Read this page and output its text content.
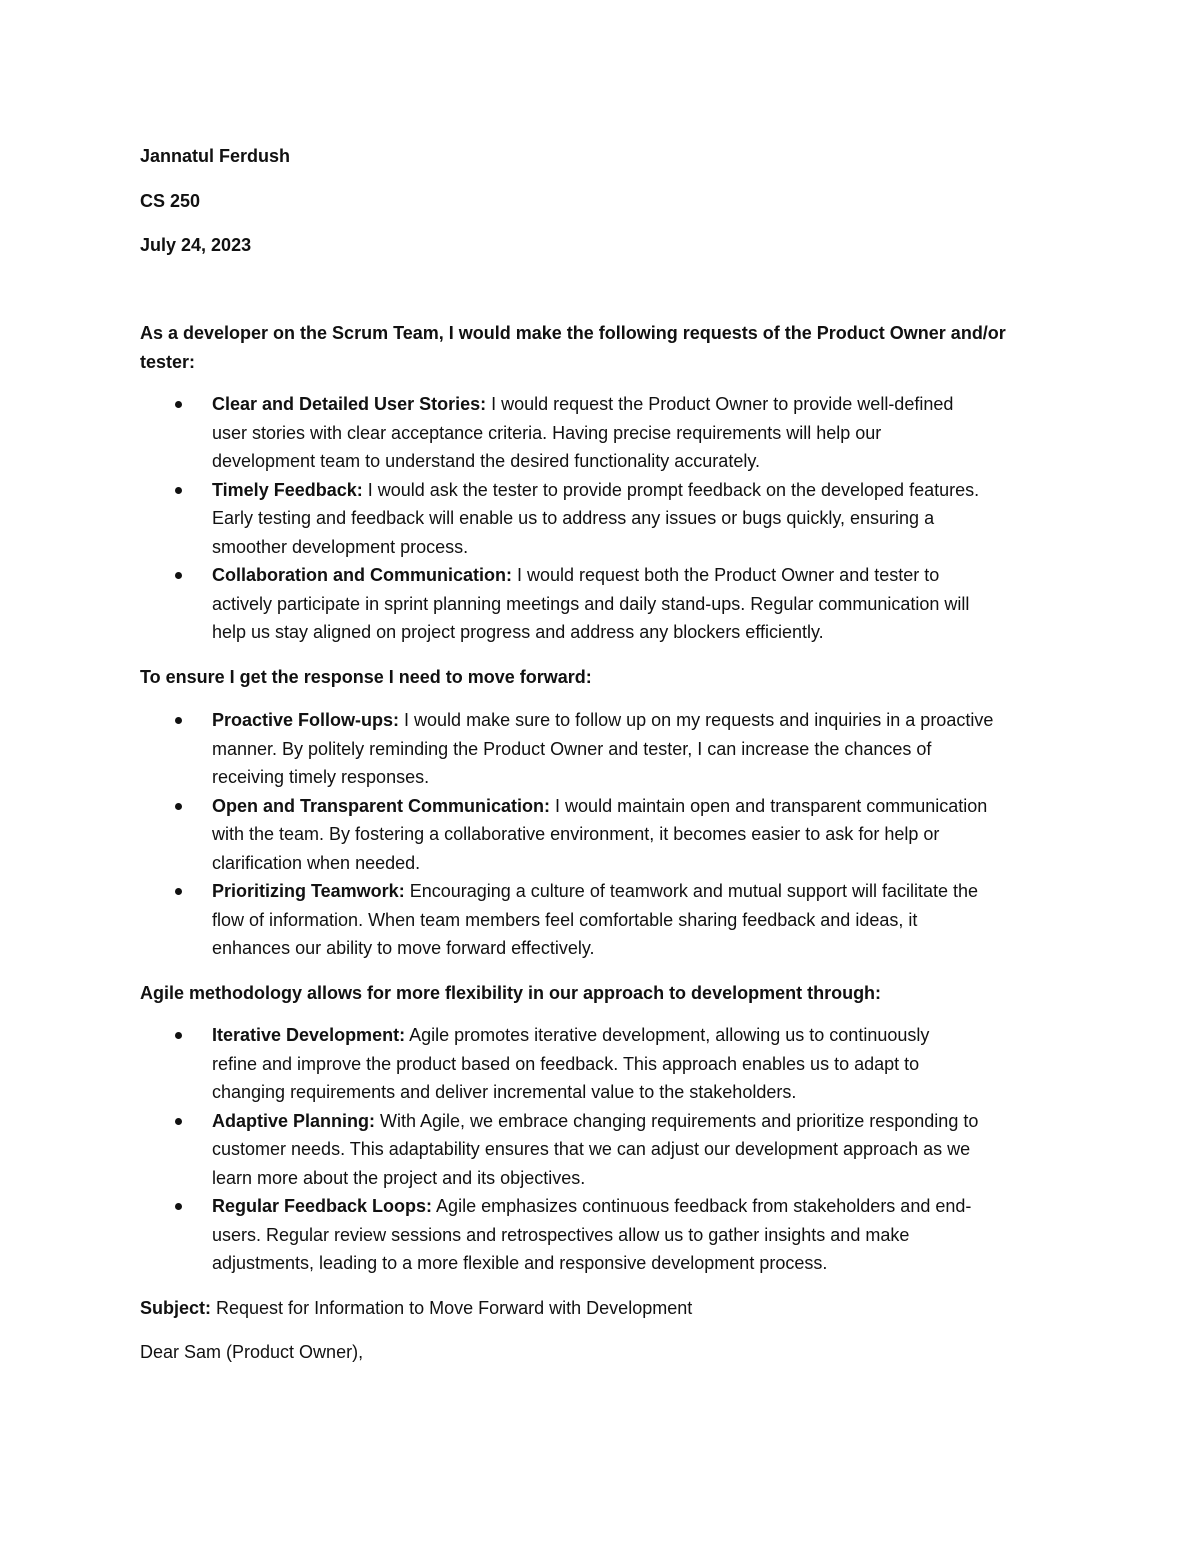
Jannatul Ferdush
CS 250
July 24, 2023
As a developer on the Scrum Team, I would make the following requests of the Product Owner and/or
tester:
Clear and Detailed User Stories: I would request the Product Owner to provide well-defined
user stories with clear acceptance criteria. Having precise requirements will help our
development team to understand the desired functionality accurately.
Timely Feedback: I would ask the tester to provide prompt feedback on the developed features.
Early testing and feedback will enable us to address any issues or bugs quickly, ensuring a
smoother development process.
Collaboration and Communication: I would request both the Product Owner and tester to
actively participate in sprint planning meetings and daily stand-ups. Regular communication will
help us stay aligned on project progress and address any blockers efficiently.
To ensure I get the response I need to move forward:
Proactive Follow-ups: I would make sure to follow up on my requests and inquiries in a proactive
manner. By politely reminding the Product Owner and tester, I can increase the chances of
receiving timely responses.
Open and Transparent Communication: I would maintain open and transparent communication
with the team. By fostering a collaborative environment, it becomes easier to ask for help or
clarification when needed.
Prioritizing Teamwork: Encouraging a culture of teamwork and mutual support will facilitate the
flow of information. When team members feel comfortable sharing feedback and ideas, it
enhances our ability to move forward effectively.
Agile methodology allows for more flexibility in our approach to development through:
Iterative Development: Agile promotes iterative development, allowing us to continuously
refine and improve the product based on feedback. This approach enables us to adapt to
changing requirements and deliver incremental value to the stakeholders.
Adaptive Planning: With Agile, we embrace changing requirements and prioritize responding to
customer needs. This adaptability ensures that we can adjust our development approach as we
learn more about the project and its objectives.
Regular Feedback Loops: Agile emphasizes continuous feedback from stakeholders and end-
users. Regular review sessions and retrospectives allow us to gather insights and make
adjustments, leading to a more flexible and responsive development process.
Subject: Request for Information to Move Forward with Development
Dear Sam (Product Owner),
